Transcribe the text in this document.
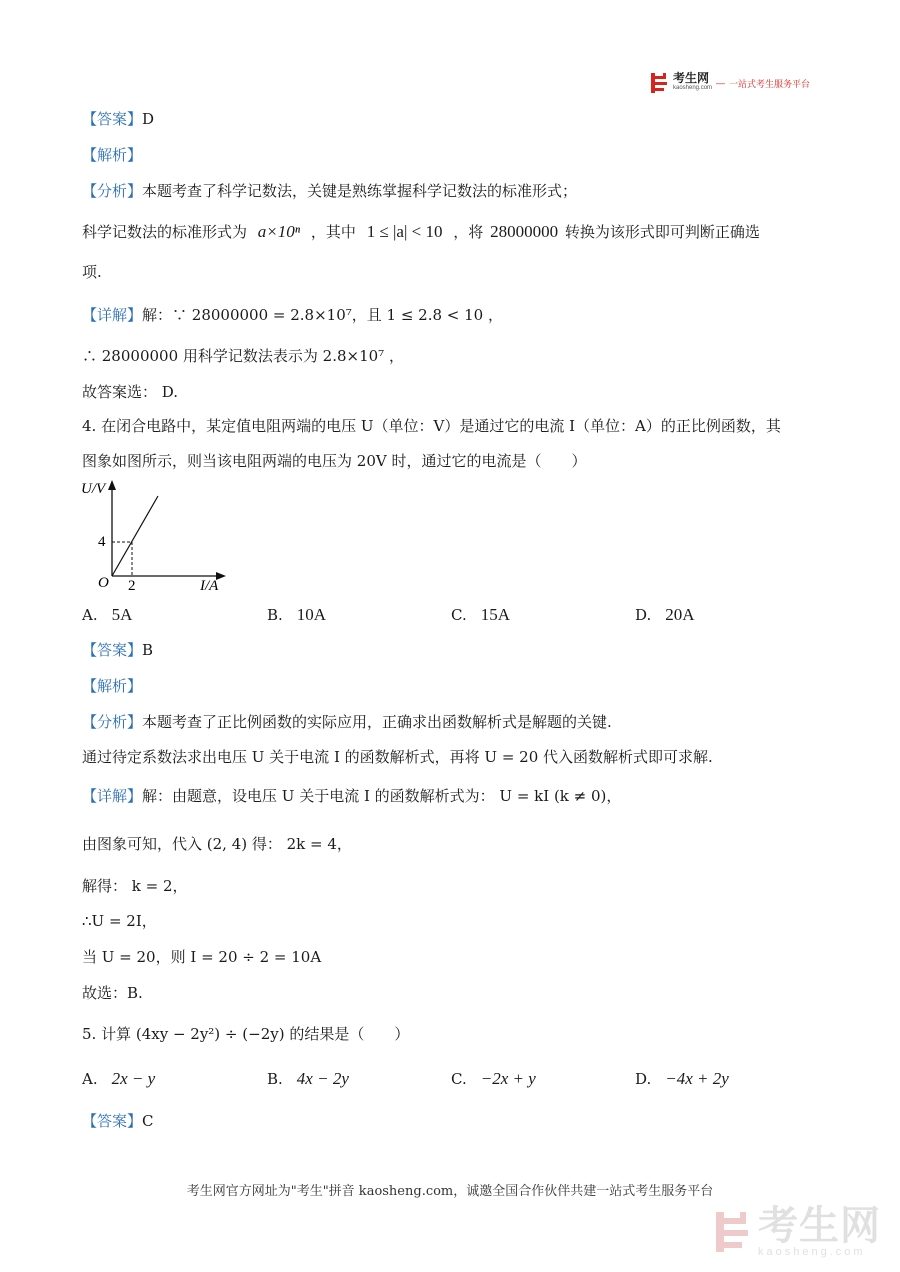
考生网
kaosheng.com — 一站式考生服务平台
【答案】D
【解析】
【分析】本题考查了科学记数法，关键是熟练掌握科学记数法的标准形式；
科学记数法的标准形式为 a×10ⁿ ，其中 1 ≤ |a| < 10 ，将 28000000 转换为该形式即可判断正确选
项.
【详解】解：∵ 28000000 = 2.8×10⁷，且 1 ≤ 2.8 < 10 ，
∴ 28000000 用科学记数法表示为 2.8×10⁷ ，
故答案选： D.
4. 在闭合电路中，某定值电阻两端的电压 U（单位：V）是通过它的电流 I（单位：A）的正比例函数，其
图象如图所示，则当该电阻两端的电压为 20V 时，通过它的电流是（　　）
U/V
I/A
O
4
2
A. 5A	B. 10A	C. 15A	D. 20A
【答案】B
【解析】
【分析】本题考查了正比例函数的实际应用，正确求出函数解析式是解题的关键.
通过待定系数法求出电压 U 关于电流 I 的函数解析式，再将 U = 20 代入函数解析式即可求解.
【详解】解：由题意，设电压 U 关于电流 I 的函数解析式为： U = kI (k ≠ 0)，
由图象可知，代入 (2, 4) 得： 2k = 4，
解得： k = 2，
∴U = 2I，
当 U = 20，则 I = 20 ÷ 2 = 10A
故选：B.
5. 计算 (4xy − 2y²) ÷ (−2y) 的结果是（　　）
A. 2x − y	B. 4x − 2y	C. −2x + y	D. −4x + 2y
【答案】C
考生网官方网址为"考生"拼音 kaosheng.com，诚邀全国合作伙伴共建一站式考生服务平台
考生网
kaosheng.com
